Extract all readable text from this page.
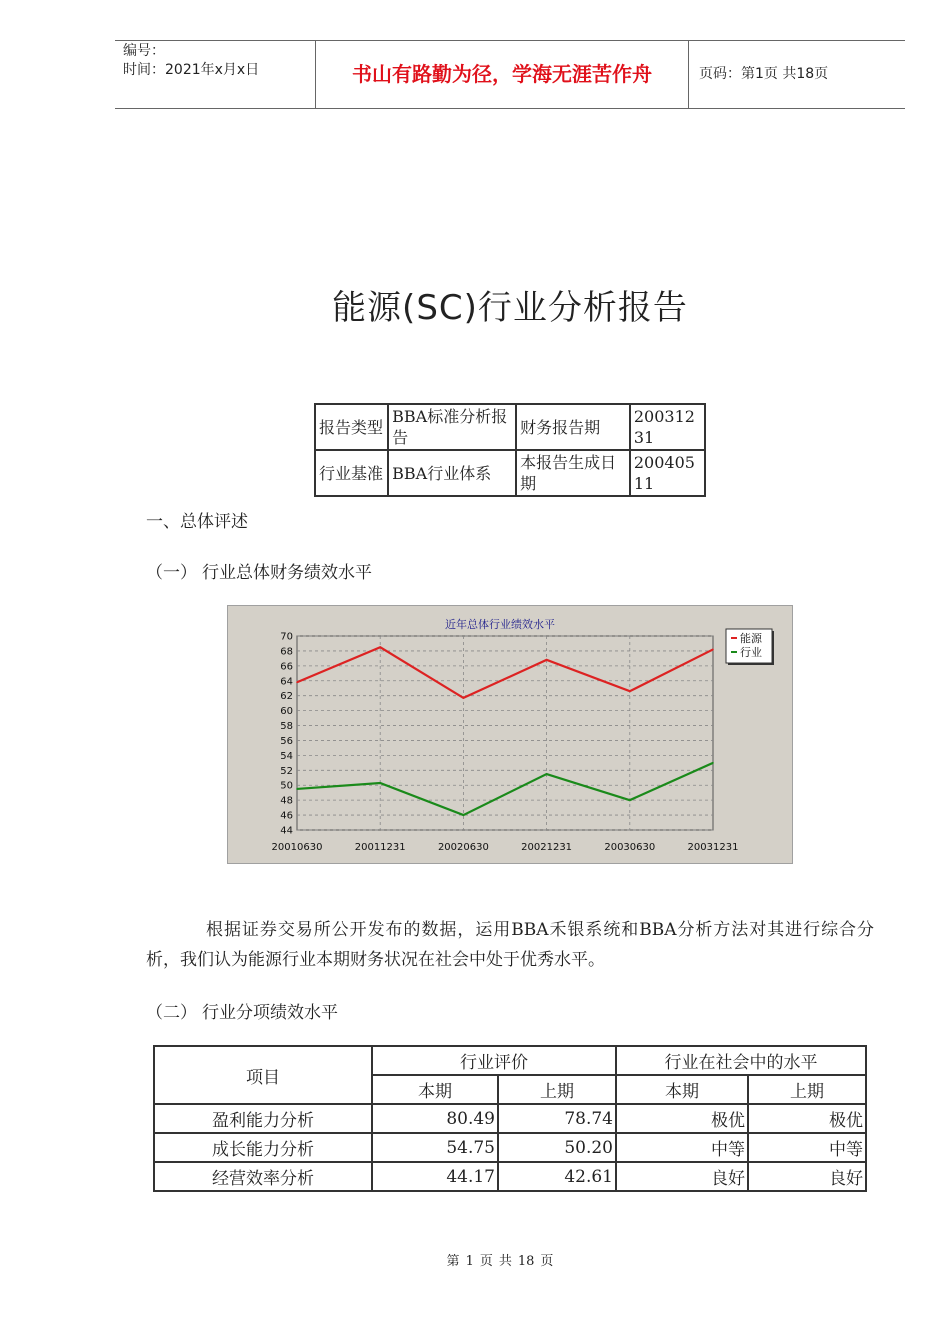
编号：
时间：2021年x月x日	书山有路勤为径，学海无涯苦作舟	页码：第1页 共18页
能源(SC)行业分析报告
报告类型	BBA标准分析报告	财务报告期	20031231
行业基准	BBA行业体系	本报告生成日期	20040511
一、总体评述
（一） 行业总体财务绩效水平
近年总体行业绩效水平
70
68
66
64
62
60
58
56
54
52
50
48
46
44
20010630	20011231	20020630	20021231	20030630	20031231
能源
行业
根据证券交易所公开发布的数据，运用BBA禾银系统和BBA分析方法对其进行综合分析，我们认为能源行业本期财务状况在社会中处于优秀水平。
（二） 行业分项绩效水平
项目	行业评价		行业在社会中的水平	
	本期	上期	本期	上期
盈利能力分析	80.49	78.74	极优	极优
成长能力分析	54.75	50.20	中等	中等
经营效率分析	44.17	42.61	良好	良好
第 1 页 共 18 页
